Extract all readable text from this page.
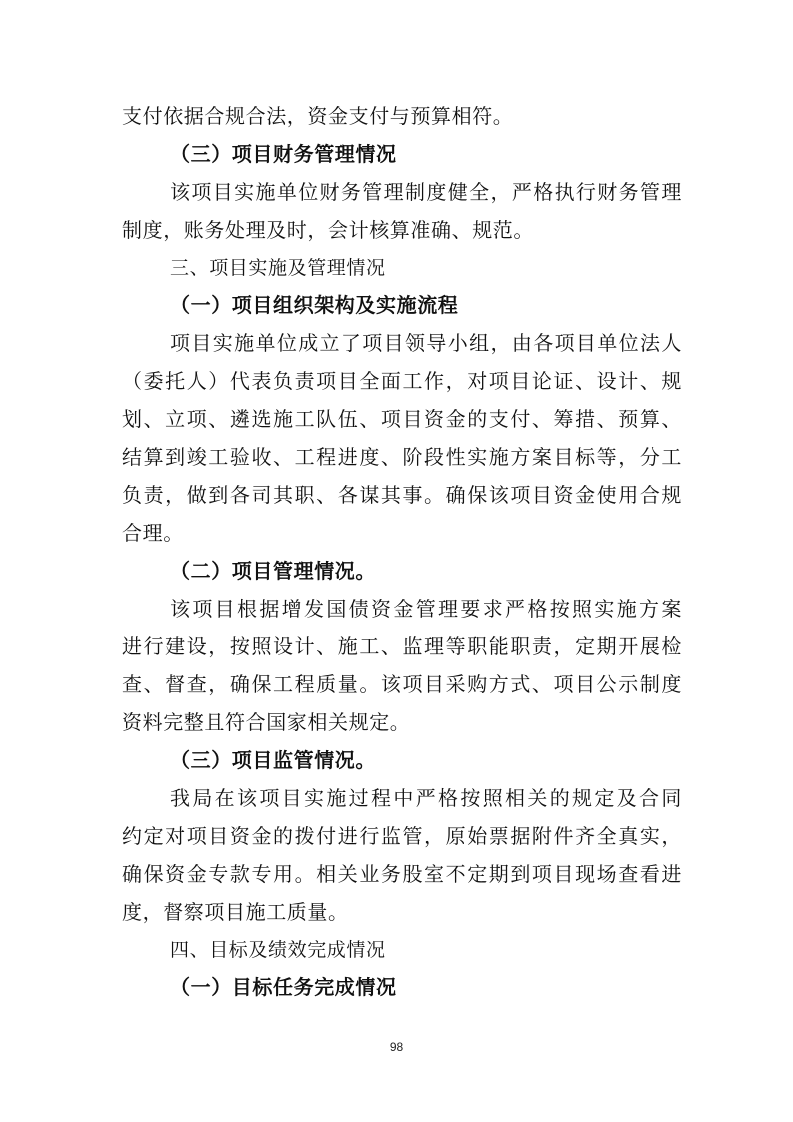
支付依据合规合法，资金支付与预算相符。
（三）项目财务管理情况
该项目实施单位财务管理制度健全，严格执行财务管理
制度，账务处理及时，会计核算准确、规范。
三、项目实施及管理情况
（一）项目组织架构及实施流程
项目实施单位成立了项目领导小组，由各项目单位法人
（委托人）代表负责项目全面工作，对项目论证、设计、规
划、立项、遴选施工队伍、项目资金的支付、筹措、预算、
结算到竣工验收、工程进度、阶段性实施方案目标等，分工
负责，做到各司其职、各谋其事。确保该项目资金使用合规
合理。
（二）项目管理情况。
该项目根据增发国债资金管理要求严格按照实施方案
进行建设，按照设计、施工、监理等职能职责，定期开展检
查、督查，确保工程质量。该项目采购方式、项目公示制度
资料完整且符合国家相关规定。
（三）项目监管情况。
我局在该项目实施过程中严格按照相关的规定及合同
约定对项目资金的拨付进行监管，原始票据附件齐全真实，
确保资金专款专用。相关业务股室不定期到项目现场查看进
度，督察项目施工质量。
四、目标及绩效完成情况
（一）目标任务完成情况
98
